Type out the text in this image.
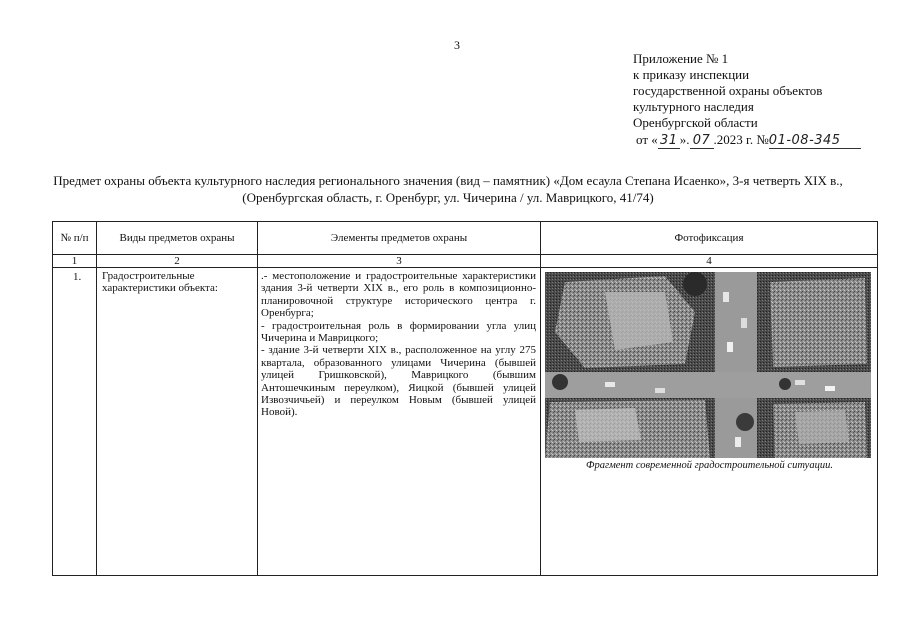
3
Приложение № 1
к приказу инспекции
государственной охраны объектов
культурного наследия
Оренбургской области
от « 31 ». 07 .2023 г. №01-08-345
Предмет охраны объекта культурного наследия регионального значения (вид – памятник) «Дом есаула Степана Исаенко», 3-я четверть XIX в., (Оренбургская область, г. Оренбург, ул. Чичерина / ул. Маврицкого, 41/74)
№ п/п	Виды предметов охраны	Элементы предметов охраны	Фотофиксация
1	2	3	4
1.	Градостроительные характеристики объекта:	.- местоположение и градостроительные характеристики здания 3-й четверти XIX в., его роль в композиционно-планировочной структуре исторического центра г. Оренбурга;
- градостроительная роль в формировании угла улиц Чичерина и Маврицкого;
- здание 3-й четверти XIX в., расположенное на углу 275 квартала, образованного улицами Чичерина (бывшей улицей Гришковской), Маврицкого (бывшим Антошечкиным переулком), Яицкой (бывшей улицей Извозчичьей) и переулком Новым (бывшей улицей Новой).	Фрагмент современной градостроительной ситуации.
